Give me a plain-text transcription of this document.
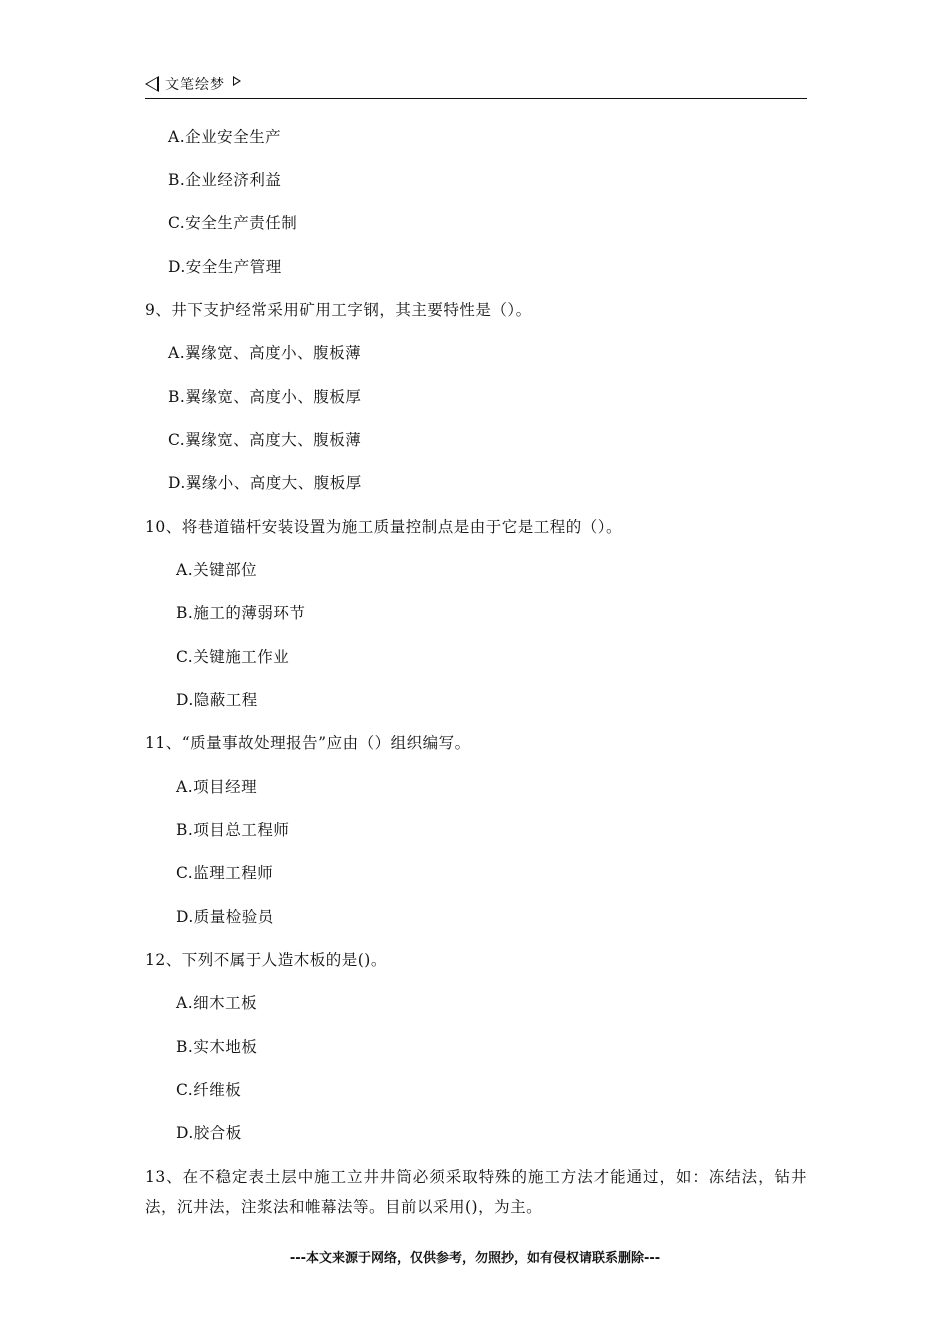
文笔绘梦
A.企业安全生产
B.企业经济利益
C.安全生产责任制
D.安全生产管理
9、井下支护经常采用矿用工字钢，其主要特性是（）。
A.翼缘宽、高度小、腹板薄
B.翼缘宽、高度小、腹板厚
C.翼缘宽、高度大、腹板薄
D.翼缘小、高度大、腹板厚
10、将巷道锚杆安装设置为施工质量控制点是由于它是工程的（）。
A.关键部位
B.施工的薄弱环节
C.关键施工作业
D.隐蔽工程
11、“质量事故处理报告”应由（）组织编写。
A.项目经理
B.项目总工程师
C.监理工程师
D.质量检验员
12、下列不属于人造木板的是()。
A.细木工板
B.实木地板
C.纤维板
D.胶合板
13、在不稳定表土层中施工立井井筒必须采取特殊的施工方法才能通过，如：冻结法，钻井法，沉井法，注浆法和帷幕法等。目前以采用()，为主。
---本文来源于网络，仅供参考，勿照抄，如有侵权请联系删除---
